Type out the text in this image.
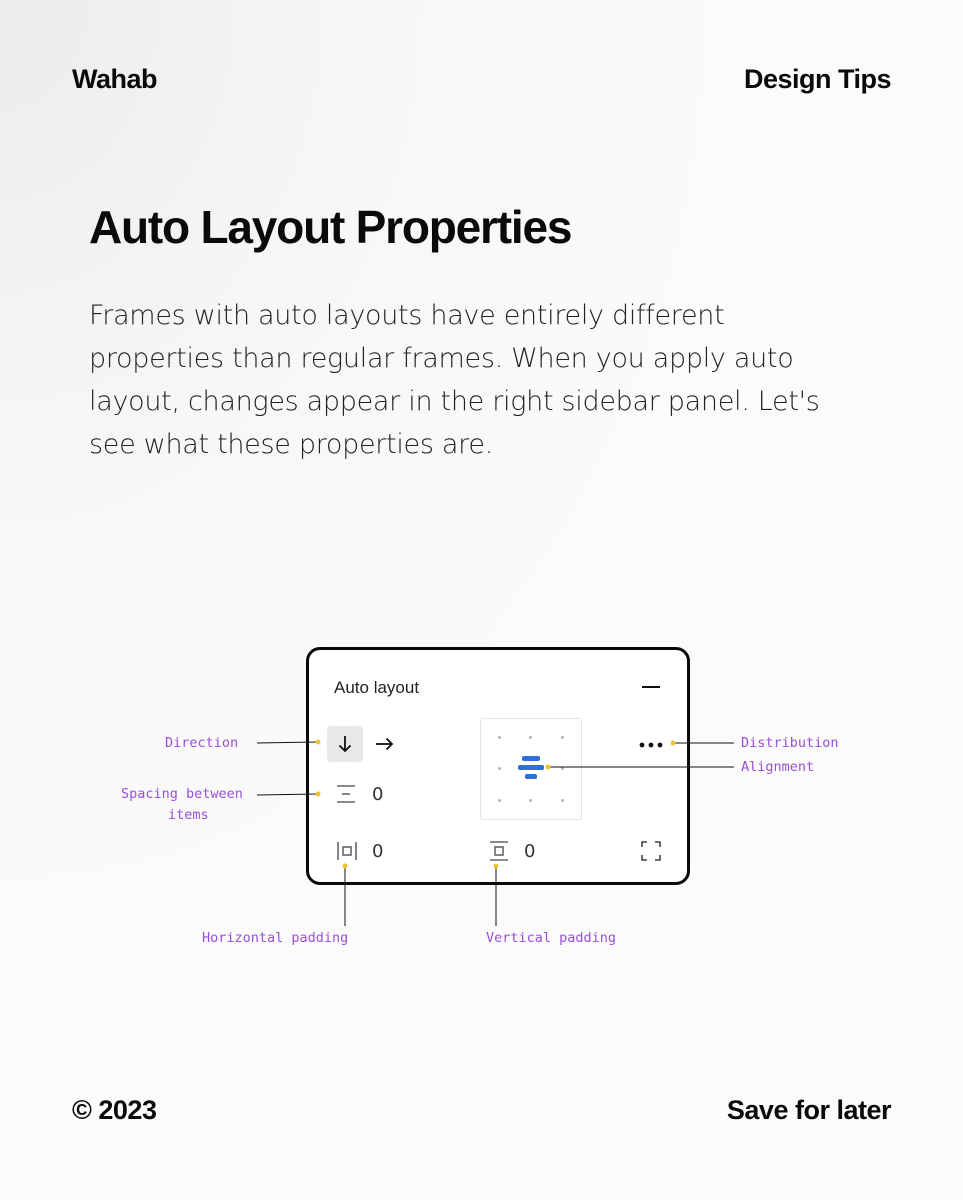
Wahab	Design Tips
Auto Layout Properties
Frames with auto layouts have entirely different properties than regular frames. When you apply auto layout, changes appear in the right sidebar panel. Let's see what these properties are.
Auto layout
0
0	0
Direction
Spacing between
items
Distribution
Alignment
Horizontal padding	Vertical padding
© 2023	Save for later
